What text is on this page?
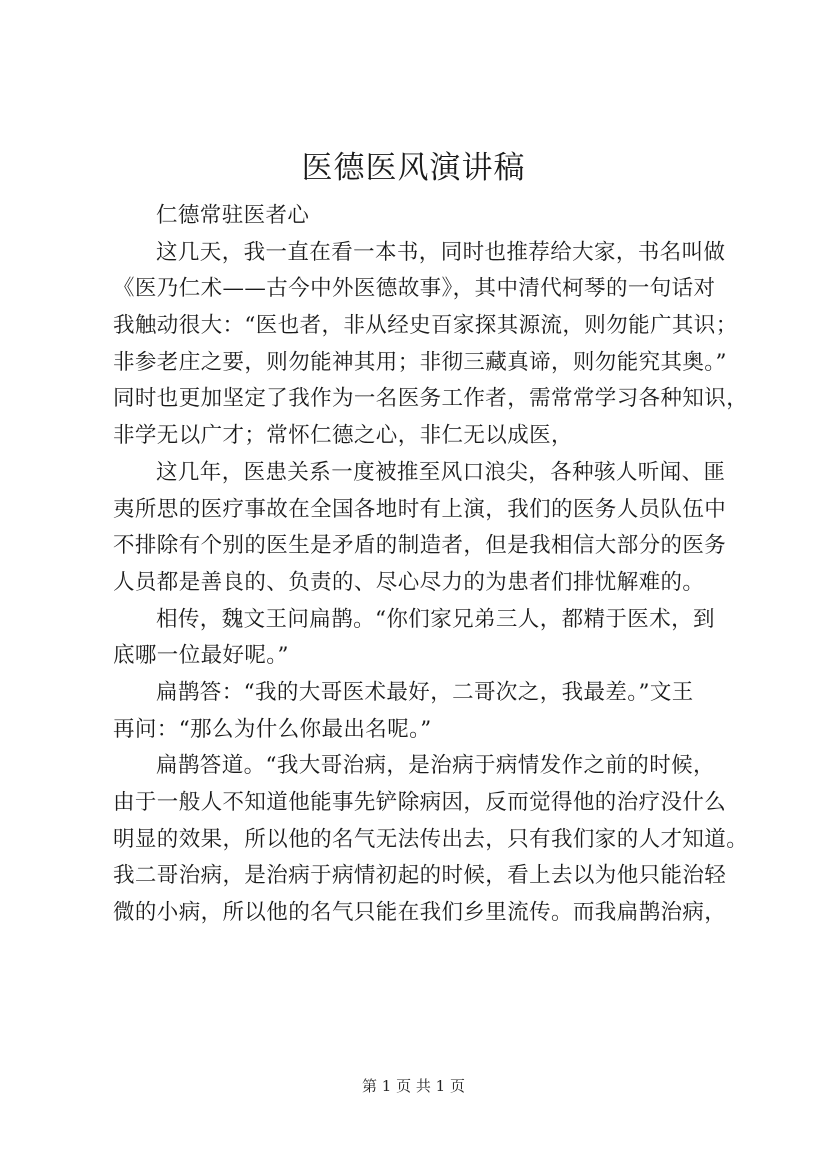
医德医风演讲稿
仁德常驻医者心
这几天，我一直在看一本书，同时也推荐给大家，书名叫做
《医乃仁术——古今中外医德故事》，其中清代柯琴的一句话对
我触动很大：“医也者，非从经史百家探其源流，则勿能广其识；
非参老庄之要，则勿能神其用；非彻三藏真谛，则勿能究其奥。”
同时也更加坚定了我作为一名医务工作者，需常常学习各种知识，
非学无以广才；常怀仁德之心，非仁无以成医，
这几年，医患关系一度被推至风口浪尖，各种骇人听闻、匪
夷所思的医疗事故在全国各地时有上演，我们的医务人员队伍中
不排除有个别的医生是矛盾的制造者，但是我相信大部分的医务
人员都是善良的、负责的、尽心尽力的为患者们排忧解难的。
相传，魏文王问扁鹊。“你们家兄弟三人，都精于医术，到
底哪一位最好呢。”
扁鹊答：“我的大哥医术最好，二哥次之，我最差。”文王
再问：“那么为什么你最出名呢。”
扁鹊答道。“我大哥治病，是治病于病情发作之前的时候，
由于一般人不知道他能事先铲除病因，反而觉得他的治疗没什么
明显的效果，所以他的名气无法传出去，只有我们家的人才知道。
我二哥治病，是治病于病情初起的时候，看上去以为他只能治轻
微的小病，所以他的名气只能在我们乡里流传。而我扁鹊治病，
第 1 页 共 1 页
